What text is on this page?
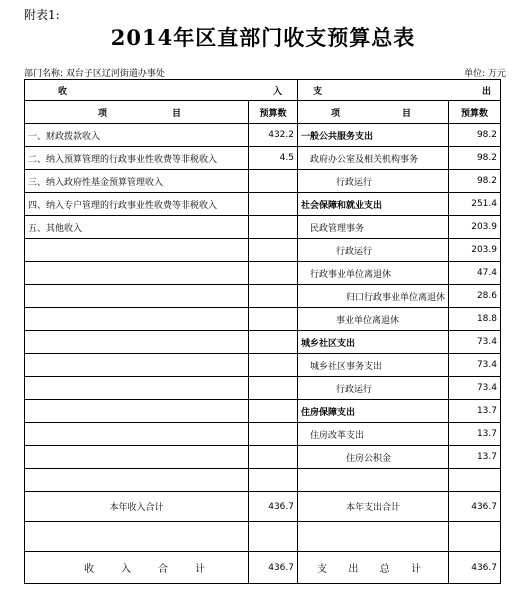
附表1:
2014年区直部门收支预算总表
部门名称: 双台子区辽河街道办事处	单位: 万元
收 入		支 出	

项 目	预算数	项 目	预算数
一、财政拨款收入	432.2	一般公共服务支出	98.2
二、纳入预算管理的行政事业性收费等非税收入	4.5	政府办公室及相关机构事务	98.2
三、纳入政府性基金预算管理收入		行政运行	98.2
四、纳入专户管理的行政事业性收费等非税收入		社会保障和就业支出	251.4
五、其他收入		民政管理事务	203.9
		行政运行	203.9
		行政事业单位离退休	47.4
		归口行政事业单位离退休	28.6
		事业单位离退休	18.8
		城乡社区支出	73.4
		城乡社区事务支出	73.4
		行政运行	73.4
		住房保障支出	13.7
		住房改革支出	13.7
		住房公积金	13.7

本年收入合计	436.7	本年支出合计	436.7

收 入 合 计	436.7	支 出 总 计	436.7
